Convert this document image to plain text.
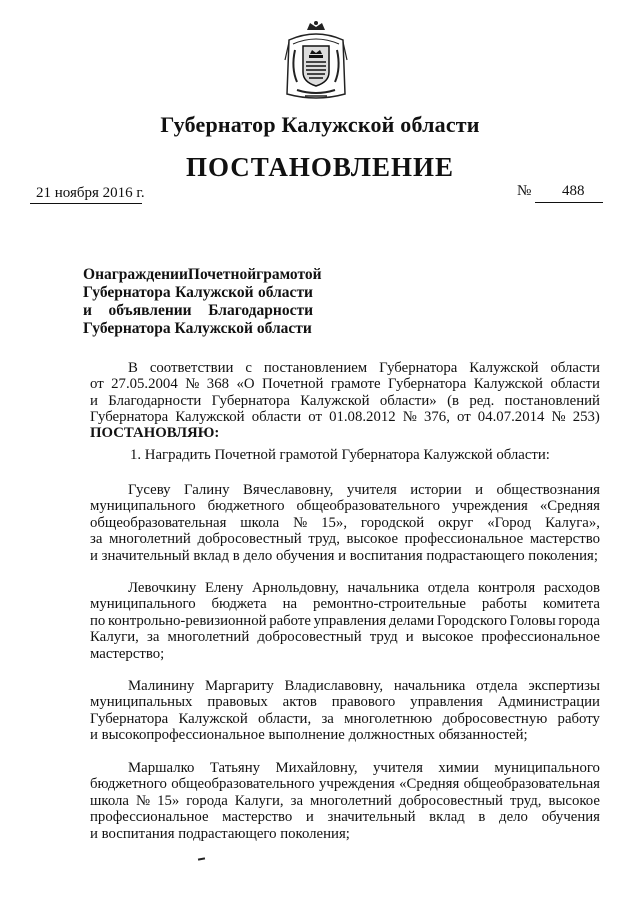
Губернатор Калужской области
ПОСТАНОВЛЕНИЕ
21 ноября 2016 г.	№ 488
О награждении Почетной грамотой
Губернатора Калужской области
и объявлении Благодарности
Губернатора Калужской области
В соответствии с постановлением Губернатора Калужской области
от 27.05.2004 № 368 «О Почетной грамоте Губернатора Калужской области
и Благодарности Губернатора Калужской области» (в ред. постановлений
Губернатора Калужской области от 01.08.2012 № 376, от 04.07.2014 № 253)
ПОСТАНОВЛЯЮ:
1. Наградить Почетной грамотой Губернатора Калужской области:
Гусеву Галину Вячеславовну, учителя истории и обществознания
муниципального бюджетного общеобразовательного учреждения «Средняя
общеобразовательная школа № 15», городской округ «Город Калуга»,
за многолетний добросовестный труд, высокое профессиональное мастерство
и значительный вклад в дело обучения и воспитания подрастающего поколения;
Левочкину Елену Арнольдовну, начальника отдела контроля расходов
муниципального бюджета на ремонтно-строительные работы комитета
по контрольно-ревизионной работе управления делами Городского Головы города
Калуги, за многолетний добросовестный труд и высокое профессиональное
мастерство;
Малинину Маргариту Владиславовну, начальника отдела экспертизы
муниципальных правовых актов правового управления Администрации
Губернатора Калужской области, за многолетнюю добросовестную работу
и высокопрофессиональное выполнение должностных обязанностей;
Маршалко Татьяну Михайловну, учителя химии муниципального
бюджетного общеобразовательного учреждения «Средняя общеобразовательная
школа № 15» города Калуги, за многолетний добросовестный труд, высокое
профессиональное мастерство и значительный вклад в дело обучения
и воспитания подрастающего поколения;
